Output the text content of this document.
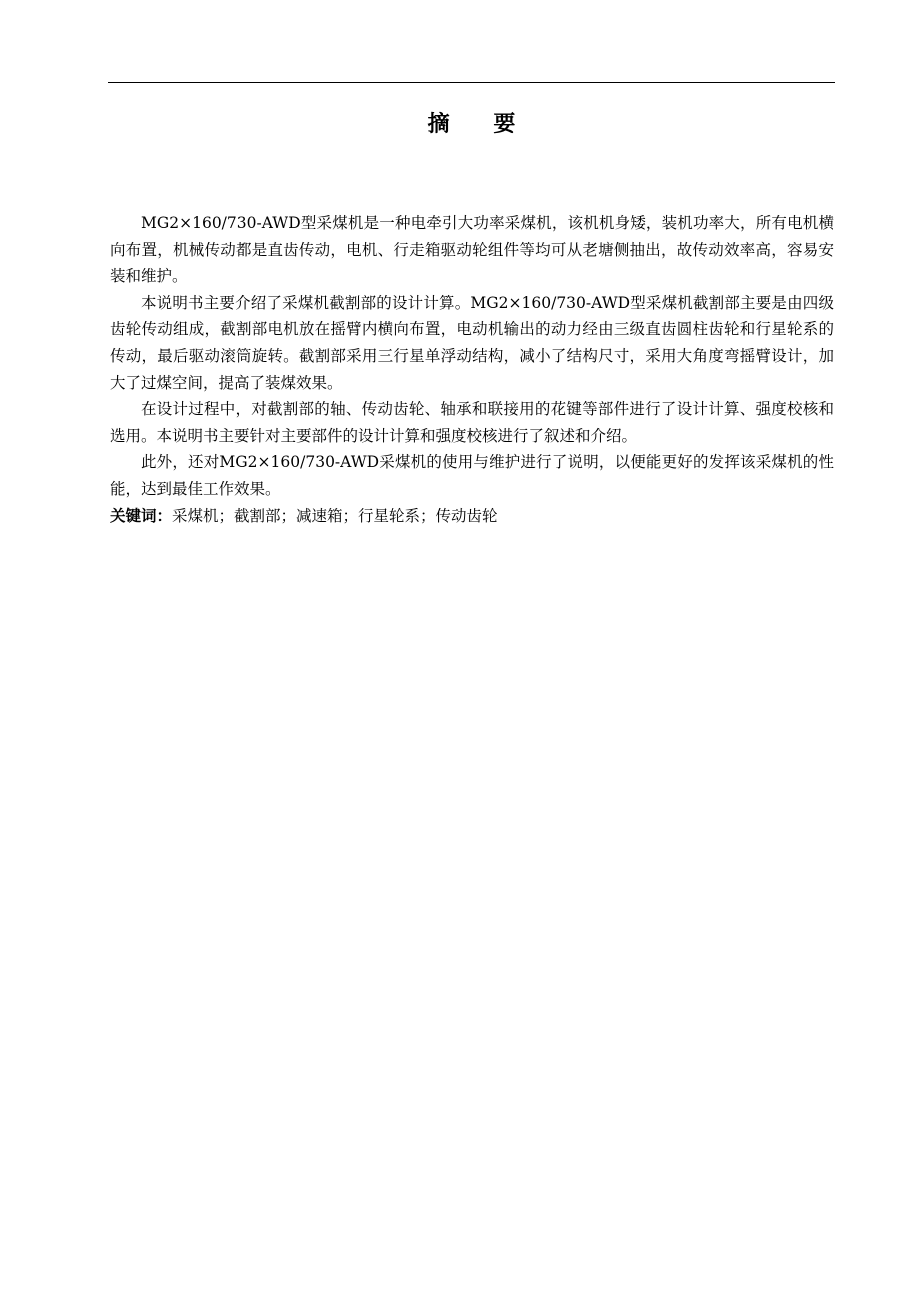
摘 要

MG2×160/730-AWD型采煤机是一种电牵引大功率采煤机，该机机身矮，装机功率大，所有电机横向布置，机械传动都是直齿传动，电机、行走箱驱动轮组件等均可从老塘侧抽出，故传动效率高，容易安装和维护。

本说明书主要介绍了采煤机截割部的设计计算。MG2×160/730-AWD型采煤机截割部主要是由四级齿轮传动组成，截割部电机放在摇臂内横向布置，电动机输出的动力经由三级直齿圆柱齿轮和行星轮系的传动，最后驱动滚筒旋转。截割部采用三行星单浮动结构，减小了结构尺寸，采用大角度弯摇臂设计，加大了过煤空间，提高了装煤效果。

在设计过程中，对截割部的轴、传动齿轮、轴承和联接用的花键等部件进行了设计计算、强度校核和选用。本说明书主要针对主要部件的设计计算和强度校核进行了叙述和介绍。

此外，还对MG2×160/730-AWD采煤机的使用与维护进行了说明，以便能更好的发挥该采煤机的性能，达到最佳工作效果。

关键词：采煤机；截割部；减速箱；行星轮系；传动齿轮
